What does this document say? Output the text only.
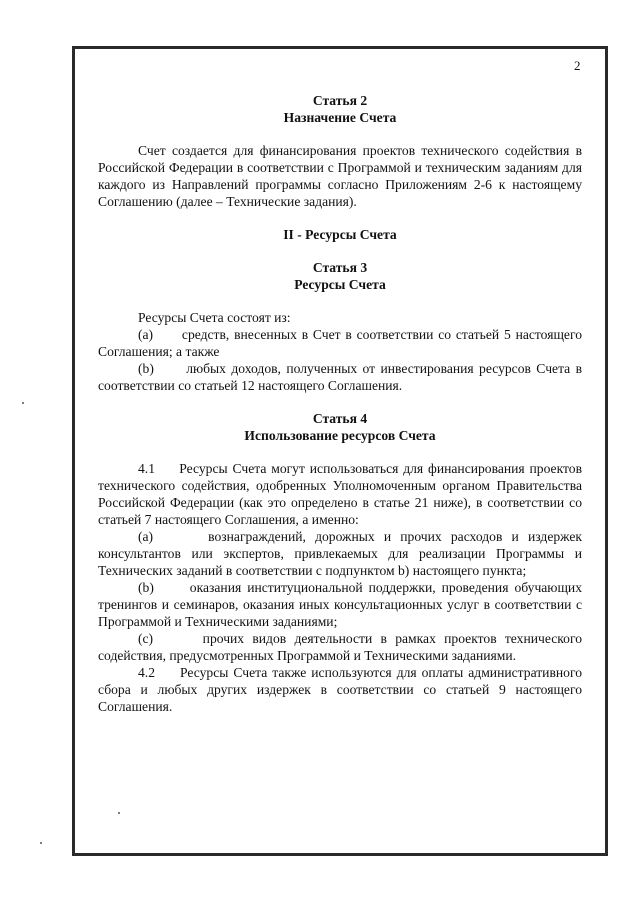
2
Статья 2
Назначение Счета

Счет создается для финансирования проектов технического содействия в Российской Федерации в соответствии с Программой и техническим заданиям для каждого из Направлений программы согласно Приложениям 2-6 к настоящему Соглашению (далее – Технические задания).

II - Ресурсы Счета
Статья 3
Ресурсы Счета

Ресурсы Счета состоят из:

(a) средств, внесенных в Счет в соответствии со статьей 5 настоящего Соглашения; а также

(b) любых доходов, полученных от инвестирования ресурсов Счета в соответствии со статьей 12 настоящего Соглашения.

Статья 4
Использование ресурсов Счета

4.1 Ресурсы Счета могут использоваться для финансирования проектов технического содействия, одобренных Уполномоченным органом Правительства Российской Федерации (как это определено в статье 21 ниже), в соответствии со статьей 7 настоящего Соглашения, а именно:

(a)	вознаграждений, дорожных и прочих расходов и издержек консультантов или экспертов, привлекаемых для реализации Программы и Технических заданий в соответствии с подпунктом b) настоящего пункта;

(b)	оказания институциональной поддержки, проведения обучающих тренингов и семинаров, оказания иных консультационных услуг в соответствии с Программой и Техническими заданиями;

(c)	прочих видов деятельности в рамках проектов технического содействия, предусмотренных Программой и Техническими заданиями.

4.2 Ресурсы Счета также используются для оплаты административного сбора и любых других издержек в соответствии со статьей 9 настоящего Соглашения.
